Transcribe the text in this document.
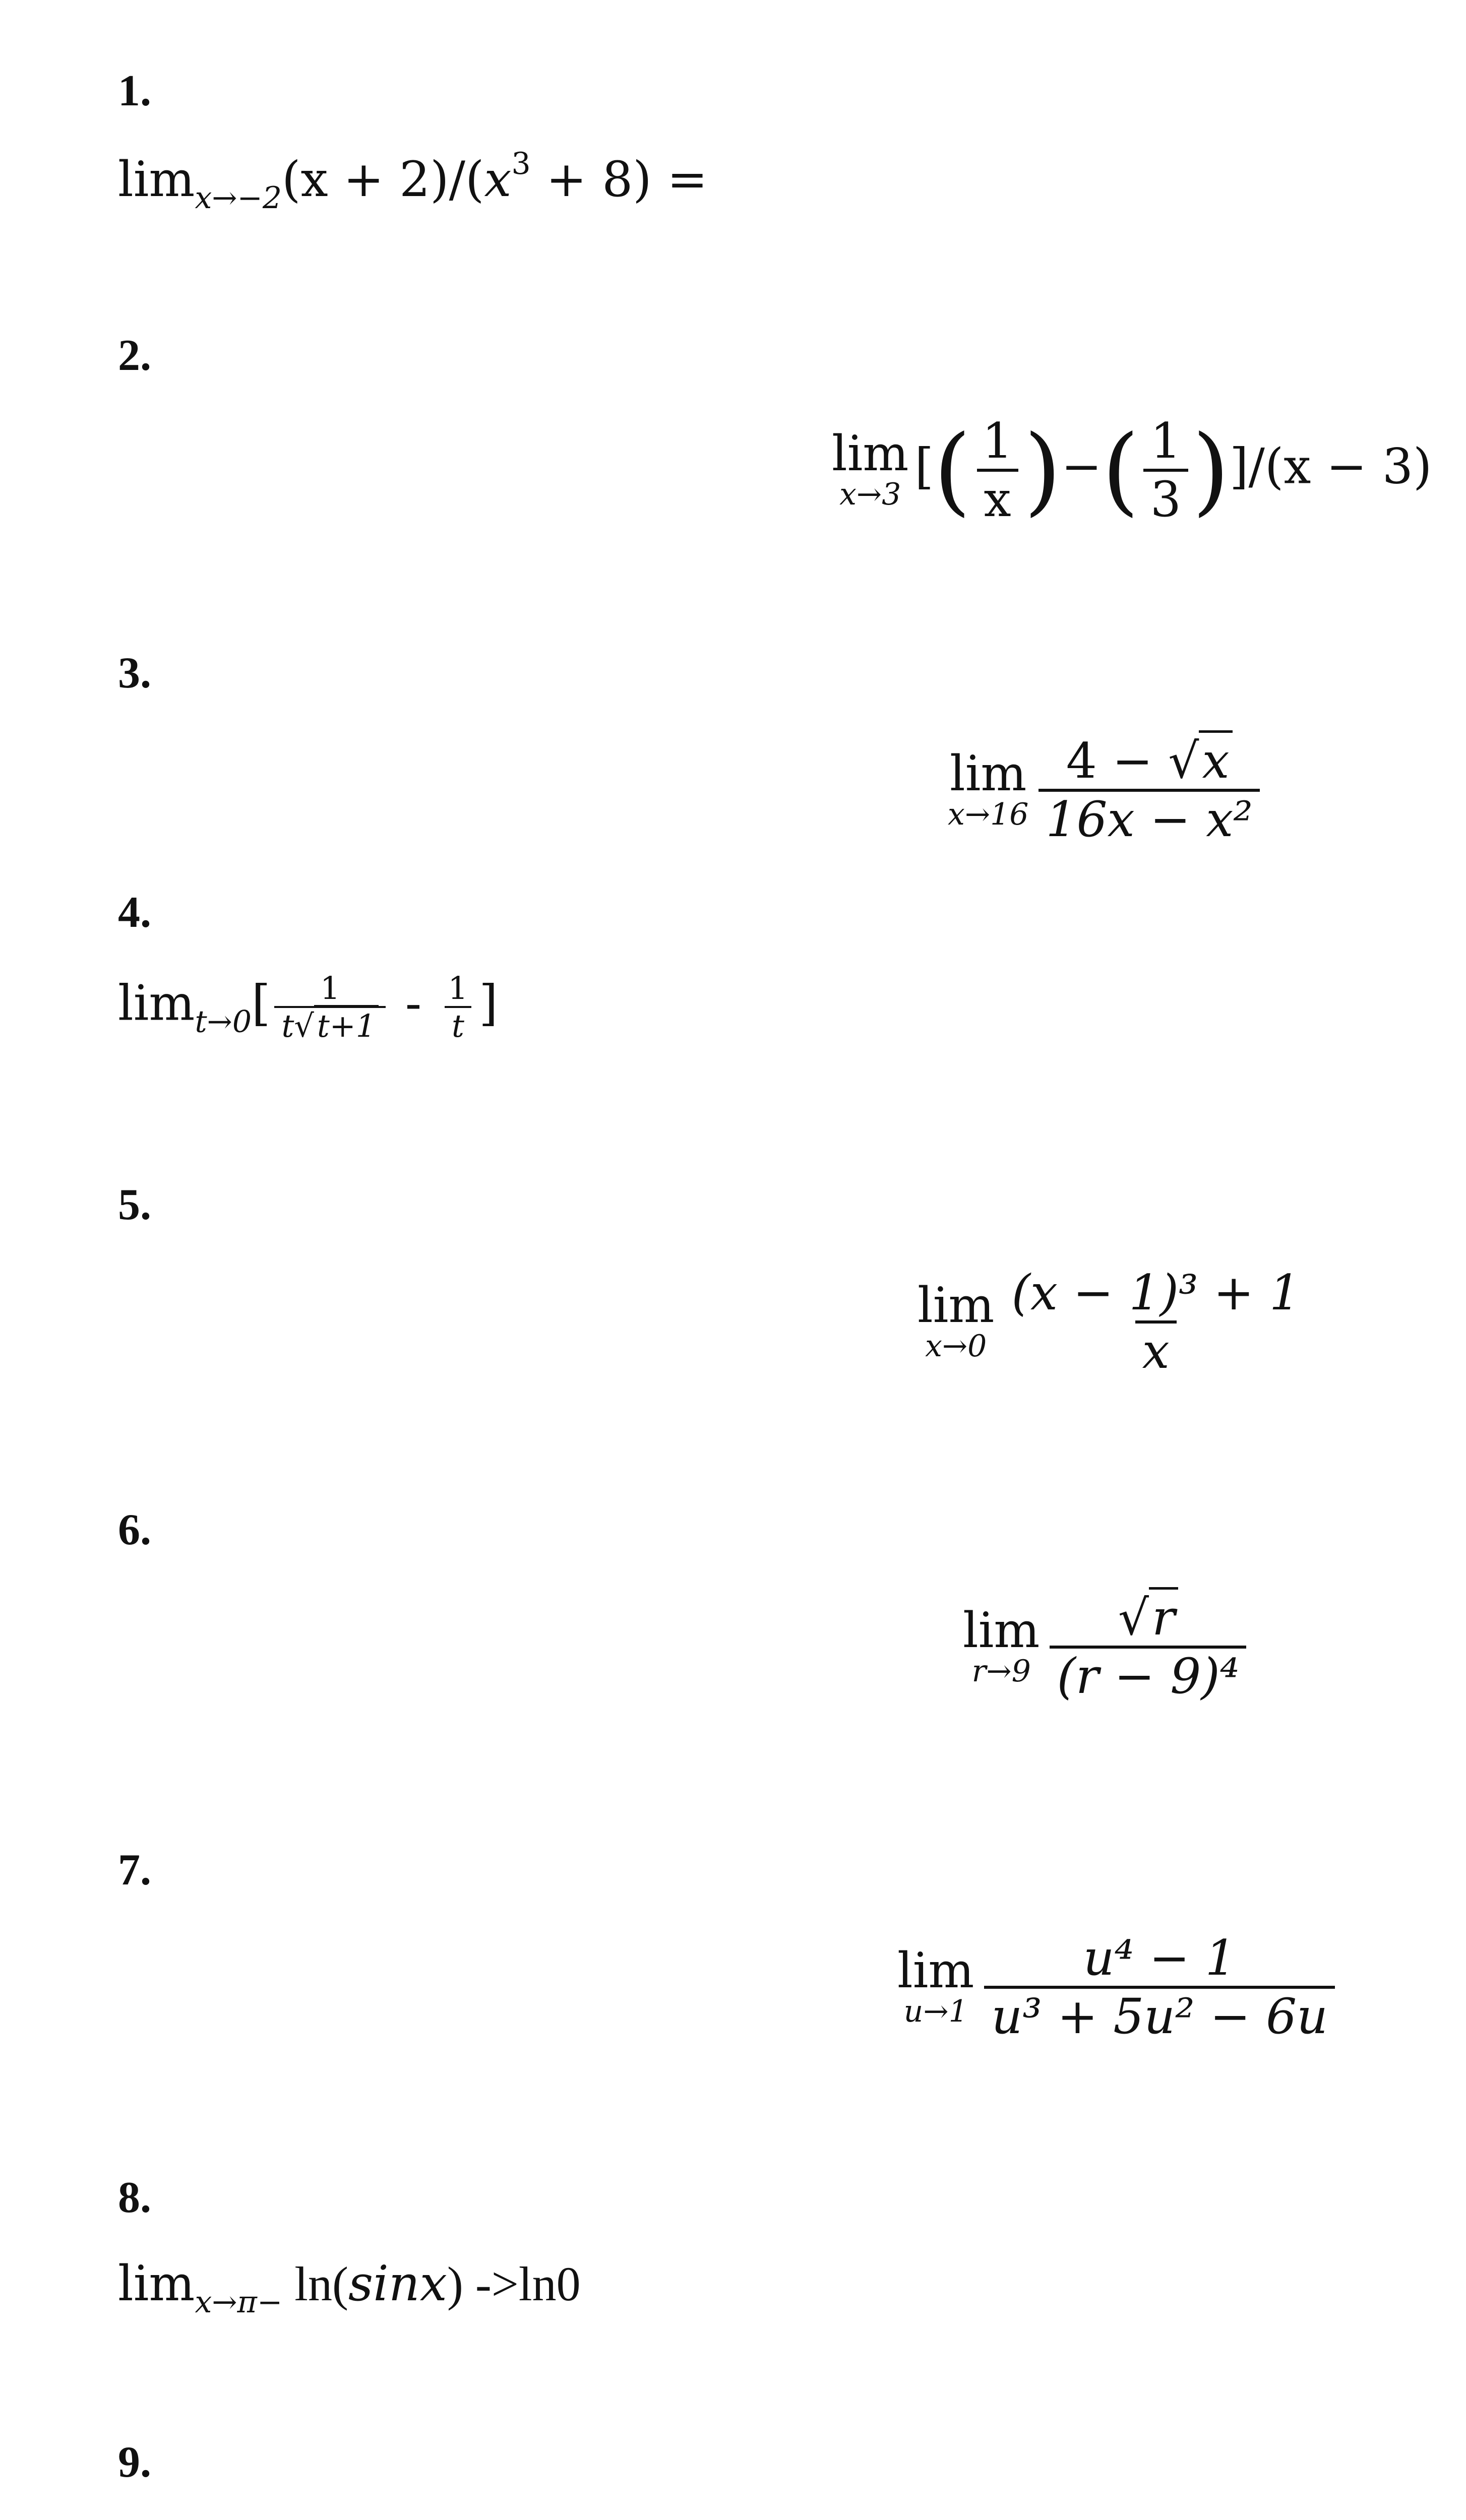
1.
$\lim_{x\to-2}(x + 2)/(x^3 + 8)$ =
2.
lim
x→3 [( $\frac{1}{x}$ )−( $\frac{1}{3} )]/(x - 3)$
3.
lim
$x\to 16 \frac{4 - √x}{\text{16x − x²}}$
4.
$\lim_{t\to 0}[ \frac{1}{t√t+1} - \frac{1}{t}$ ]
5.
lim
$x\to 0 \frac{\text{(x − 1)³ + 1}}{x}$
6.
lim
$r\to 9 \frac{√r}{\text{(r − 9)⁴}}$
7.
lim
$u\to 1 \frac{\text{u⁴ − 1}}{\text{u³ + 5u² − 6u}}$
8.
$\lim_{x\to\pi-} \ln(\sin x)$ ->ln0
9.
